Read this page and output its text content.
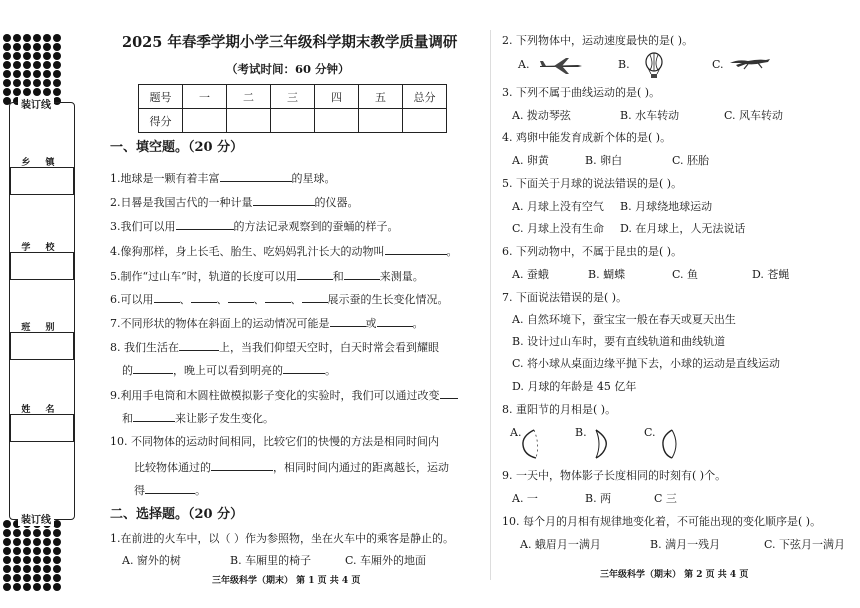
装订线
装订线
乡 镇
学 校
班 别
姓 名
2025 年春季学期小学三年级科学期末教学质量调研
（考试时间：60 分钟）
题号	一	二	三	四	五	总分
得分						
一、填空题。（20 分）
1.地球是一颗有着丰富	的星球。
2.日晷是我国古代的一种计量	的仪器。
3.我们可以用	的方法记录观察到的蚕蛹的样子。
4.像狗那样，身上长毛、胎生、吃妈妈乳汁长大的动物叫	。
5.制作“过山车”时，轨道的长度可以用	和	来测量。
6.可以用 、 、 、 、 展示蚕的生长变化情况。
7.不同形状的物体在斜面上的运动情况可能是	或	。
8. 我们生活在	上，当我们仰望天空时，白天时常会看到耀眼
的	，晚上可以看到明亮的	。
9.利用手电筒和木圆柱做模拟影子变化的实验时，我们可以通过改变
和	来让影子发生变化。
10. 不同物体的运动时间相同，比较它们的快慢的方法是相同时间内
比较物体通过的	，相同时间内通过的距离越长，运动
得	。
二、选择题。（20 分）
1.在前进的火车中，以（ ）作为参照物，坐在火车中的乘客是静止的。
A. 窗外的树	B. 车厢里的椅子	C. 车厢外的地面
三年级科学（期末） 第 1 页 共 4 页
2. 下列物体中，运动速度最快的是( )。
A.	B.	C.
3. 下列不属于曲线运动的是( )。
A. 拨动琴弦	B. 水车转动	C. 风车转动
4. 鸡卵中能发育成新个体的是( )。
A. 卵黄	B. 卵白	C. 胚胎
5. 下面关于月球的说法错误的是( )。
A. 月球上没有空气 B. 月球绕地球运动
C. 月球上没有生命 D. 在月球上，人无法说话
6. 下列动物中，不属于昆虫的是( )。
A. 蚕蛾	B. 蝴蝶	C. 鱼	D. 苍蝇
7. 下面说法错误的是( )。
A. 自然环境下，蚕宝宝一般在春天或夏天出生
B. 设计过山车时，要有直线轨道和曲线轨道
C. 将小球从桌面边缘平抛下去，小球的运动是直线运动
D. 月球的年龄是 45 亿年
8. 重阳节的月相是( )。
A.	B.	C.
9. 一天中，物体影子长度相同的时刻有( )个。
A. 一	B. 两	C 三
10. 每个月的月相有规律地变化着，不可能出现的变化顺序是( )。
A. 蛾眉月一满月	B. 满月一残月	C. 下弦月一满月
三年级科学（期末） 第 2 页 共 4 页
